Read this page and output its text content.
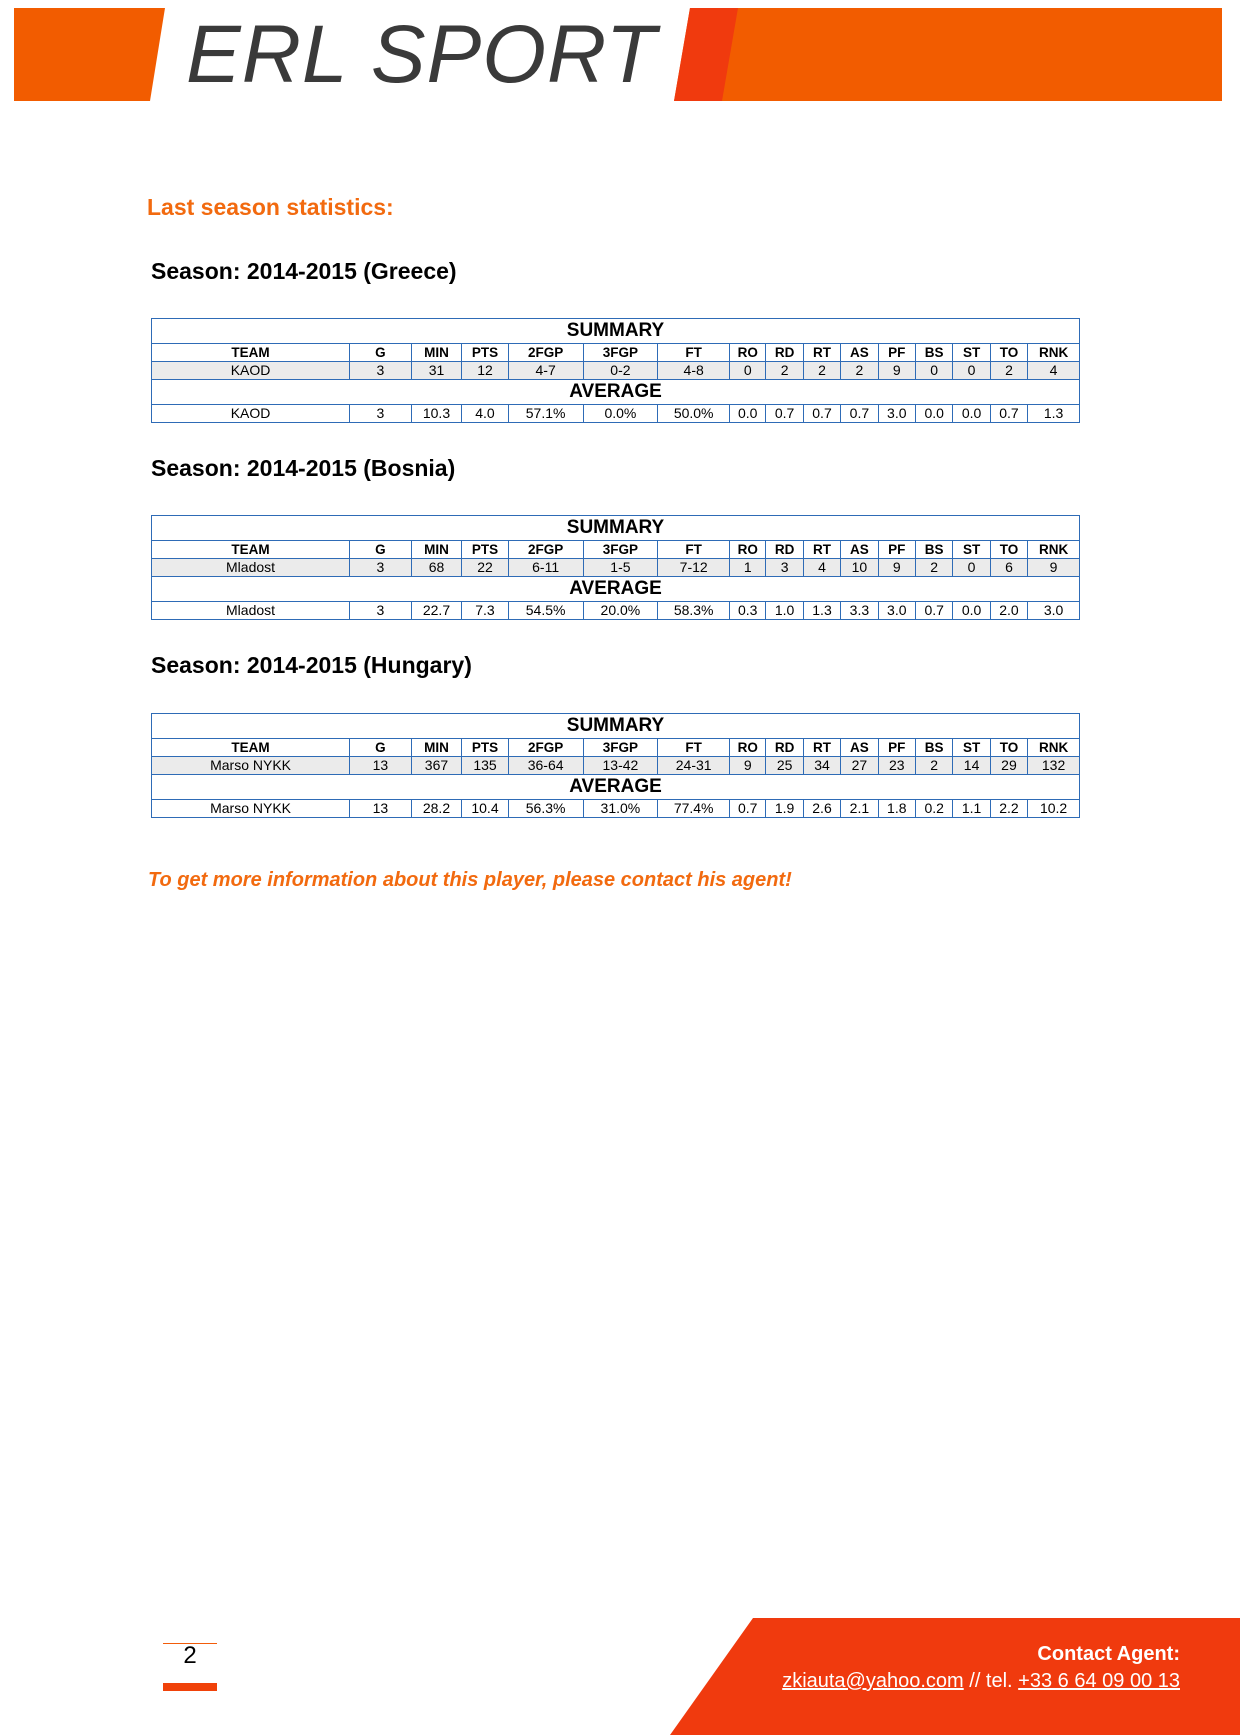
ERL SPORT
Last season statistics:
Season: 2014-2015 (Greece)
SUMMARY															
TEAM	G	MIN	PTS	2FGP	3FGP	FT	RO	RD	RT	AS	PF	BS	ST	TO	RNK
KAOD	3	31	12	4-7	0-2	4-8	0	2	2	2	9	0	0	2	4
AVERAGE															
KAOD	3	10.3	4.0	57.1%	0.0%	50.0%	0.0	0.7	0.7	0.7	3.0	0.0	0.0	0.7	1.3
Season: 2014-2015 (Bosnia)
SUMMARY															
TEAM	G	MIN	PTS	2FGP	3FGP	FT	RO	RD	RT	AS	PF	BS	ST	TO	RNK
Mladost	3	68	22	6-11	1-5	7-12	1	3	4	10	9	2	0	6	9
AVERAGE															
Mladost	3	22.7	7.3	54.5%	20.0%	58.3%	0.3	1.0	1.3	3.3	3.0	0.7	0.0	2.0	3.0
Season: 2014-2015 (Hungary)
SUMMARY															
TEAM	G	MIN	PTS	2FGP	3FGP	FT	RO	RD	RT	AS	PF	BS	ST	TO	RNK
Marso NYKK	13	367	135	36-64	13-42	24-31	9	25	34	27	23	2	14	29	132
AVERAGE															
Marso NYKK	13	28.2	10.4	56.3%	31.0%	77.4%	0.7	1.9	2.6	2.1	1.8	0.2	1.1	2.2	10.2
To get more information about this player, please contact his agent!
2	Contact Agent:
zkiauta@yahoo.com // tel. +33 6 64 09 00 13
